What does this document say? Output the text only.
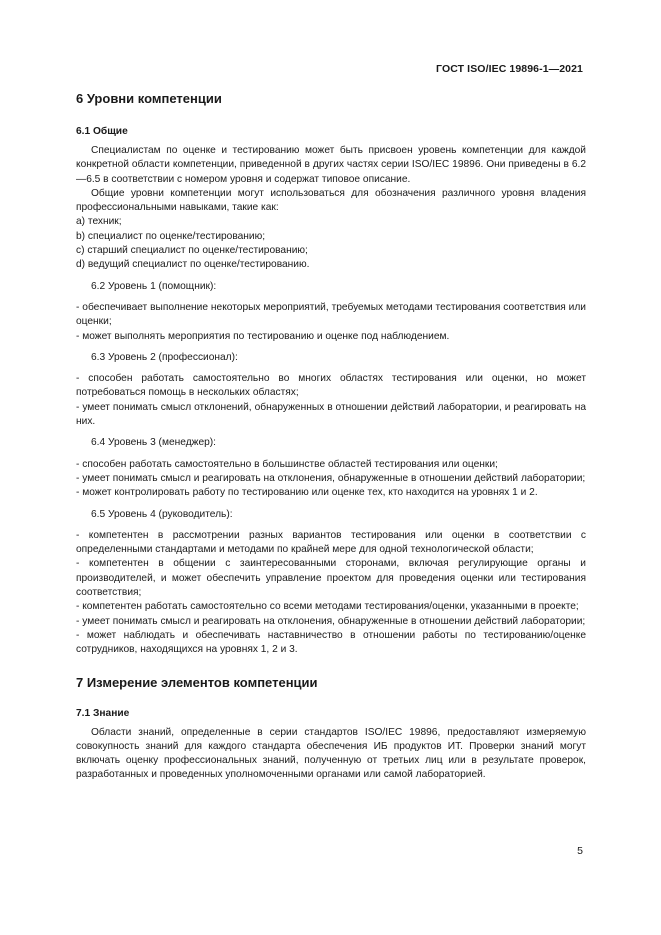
ГОСТ ISO/IEC 19896-1—2021
6 Уровни компетенции
6.1 Общие

Специалистам по оценке и тестированию может быть присвоен уровень компетенции для каждой конкретной области компетенции, приведенной в других частях серии ISO/IEC 19896. Они приведены в 6.2—6.5 в соответствии с номером уровня и содержат типовое описание.

Общие уровни компетенции могут использоваться для обозначения различного уровня владения профессиональными навыками, такие как:

а) техник;

b) специалист по оценке/тестированию;

c) старший специалист по оценке/тестированию;

d) ведущий специалист по оценке/тестированию.

6.2 Уровень 1 (помощник):

- обеспечивает выполнение некоторых мероприятий, требуемых методами тестирования соответствия или оценки;

- может выполнять мероприятия по тестированию и оценке под наблюдением.

6.3 Уровень 2 (профессионал):

- способен работать самостоятельно во многих областях тестирования или оценки, но может потребоваться помощь в нескольких областях;

- умеет понимать смысл отклонений, обнаруженных в отношении действий лаборатории, и реагировать на них.

6.4 Уровень 3 (менеджер):

- способен работать самостоятельно в большинстве областей тестирования или оценки;

- умеет понимать смысл и реагировать на отклонения, обнаруженные в отношении действий лаборатории;

- может контролировать работу по тестированию или оценке тех, кто находится на уровнях 1 и 2.

6.5 Уровень 4 (руководитель):

- компетентен в рассмотрении разных вариантов тестирования или оценки в соответствии с определенными стандартами и методами по крайней мере для одной технологической области;

- компетентен в общении с заинтересованными сторонами, включая регулирующие органы и производителей, и может обеспечить управление проектом для проведения оценки или тестирования соответствия;

- компетентен работать самостоятельно со всеми методами тестирования/оценки, указанными в проекте;

- умеет понимать смысл и реагировать на отклонения, обнаруженные в отношении действий лаборатории;

- может наблюдать и обеспечивать наставничество в отношении работы по тестированию/оценке сотрудников, находящихся на уровнях 1, 2 и 3.

7 Измерение элементов компетенции
7.1 Знание

Области знаний, определенные в серии стандартов ISO/IEC 19896, предоставляют измеряемую совокупность знаний для каждого стандарта обеспечения ИБ продуктов ИТ. Проверки знаний могут включать оценку профессиональных знаний, полученную от третьих лиц или в результате проверок, разработанных и проведенных уполномоченными органами или самой лабораторией.

5
